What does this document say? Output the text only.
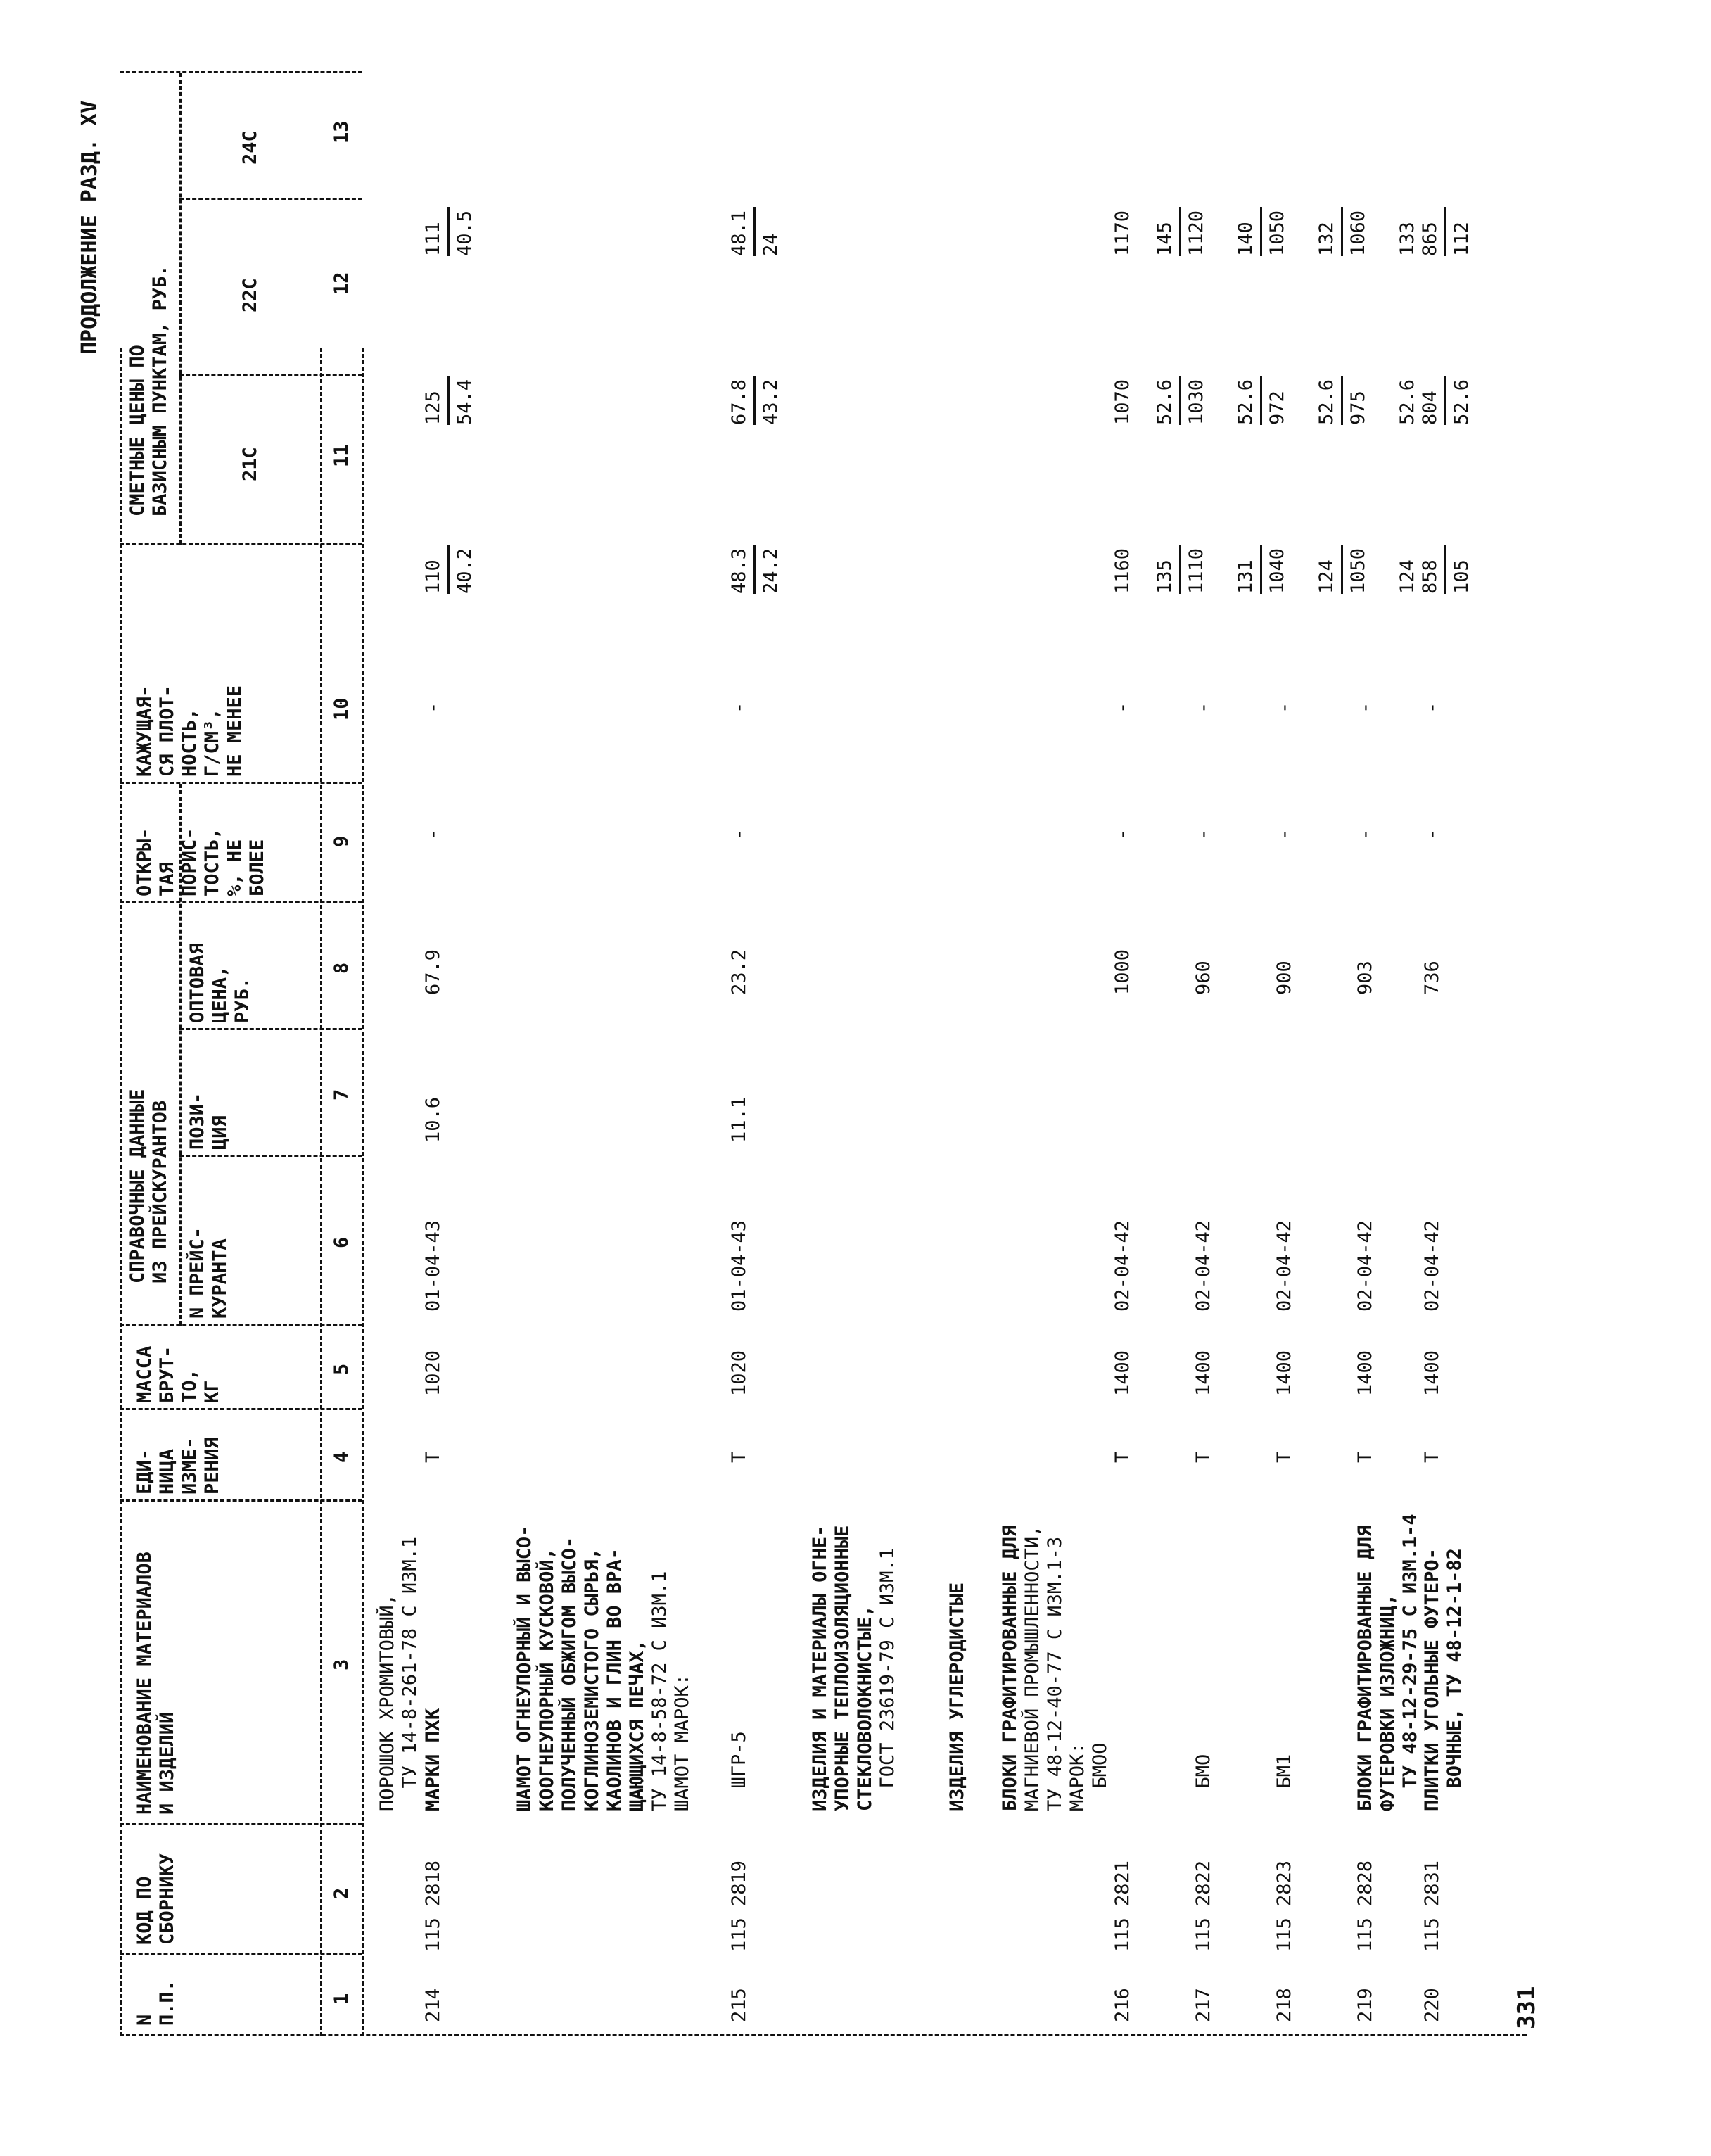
ПРОДОЛЖЕНИЕ РАЗД. XV
331
N
П.П.
КОД ПО
СБОРНИКУ
НАИМЕНОВАНИЕ МАТЕРИАЛОВ
И ИЗДЕЛИЙ
ЕДИ-
НИЦА
ИЗМЕ-
РЕНИЯ
МАССА
БРУТ-
ТО,
КГ
СПРАВОЧНЫЕ ДАННЫЕ
ИЗ ПРЕЙСКУРАНТОВ
N ПРЕЙС-
КУРАНТА
ПОЗИ-
ЦИЯ
ОПТОВАЯ
ЦЕНА,
РУБ.
ОТКРЫ-
ТАЯ
ПОРИС-
ТОСТЬ,
%, НЕ
БОЛЕЕ
КАЖУЩАЯ-
СЯ ПЛОТ-
НОСТЬ,
Г/СМ³,
НЕ МЕНЕЕ
СМЕТНЫЕ ЦЕНЫ ПО
БАЗИСНЫМ ПУНКТАМ, РУБ.
21С
22С
24С
1
2
3
4
5
6
7
8
9
10
11
12
13
ПОРОШОК ХРОМИТОВЫЙ,
ТУ 14-8-261-78 С ИЗМ.1
ШАМОТ ОГНЕУПОРНЫЙ И ВЫСО-
КООГНЕУПОРНЫЙ КУСКОВОЙ,
ПОЛУЧЕННЫЙ ОБЖИГОМ ВЫСО-
КОГЛИНОЗЕМИСТОГО СЫРЬЯ,
КАОЛИНОВ И ГЛИН ВО ВРА-
ЩАЮЩИХСЯ ПЕЧАХ,
ТУ 14-8-58-72 С ИЗМ.1
ШАМОТ МАРОК:
ИЗДЕЛИЯ И МАТЕРИАЛЫ ОГНЕ-
УПОРНЫЕ ТЕПЛОИЗОЛЯЦИОННЫЕ
СТЕКЛОВОЛОКНИСТЫЕ, ГОСТ 23619-79 С ИЗМ.1	ИЗДЕЛИЯ УГЛЕРОДИСТЫЕ БЛОКИ ГРАФИТИРОВАННЫЕ ДЛЯ МАГНИЕВОЙ ПРОМЫШЛЕННОСТИ,
ТУ 48-12-40-77 С ИЗМ.1-3
МАРОК:
214
115 2818
МАРКИ ПХК
Т
1020
01-04-43
10.6
67.9
-
-
110 40.2
125 54.4
111 40.5
215
115 2819
ШГР-5
Т
1020
01-04-43
11.1
23.2
-
-
48.3 24.2
67.8 43.2
48.1 24
216
115 2821
БМОО
Т
1400
02-04-42
1000
-
-
1160
1070
1170
217
115 2822
БМО
Т
1400
02-04-42
960
-
-
135 1110
52.6 1030
145 1120
218
115 2823
БМ1
Т
1400
02-04-42
900
-
-
131 1040
52.6 972
140 1050
219
115 2828
БЛОКИ ГРАФИТИРОВАННЫЕ ДЛЯ
ФУТЕРОВКИ ИЗЛОЖНИЦ,
ТУ 48-12-29-75 С ИЗМ.1-4
Т
1400
02-04-42
903
-
-
124 1050
52.6 975
132 1060
220
115 2831
ПЛИТКИ УГОЛЬНЫЕ ФУТЕРО-
ВОЧНЫЕ, ТУ 48-12-1-82
Т
1400
02-04-42
736
-
-
124 858 105
52.6 804 52.6
133 865 112
